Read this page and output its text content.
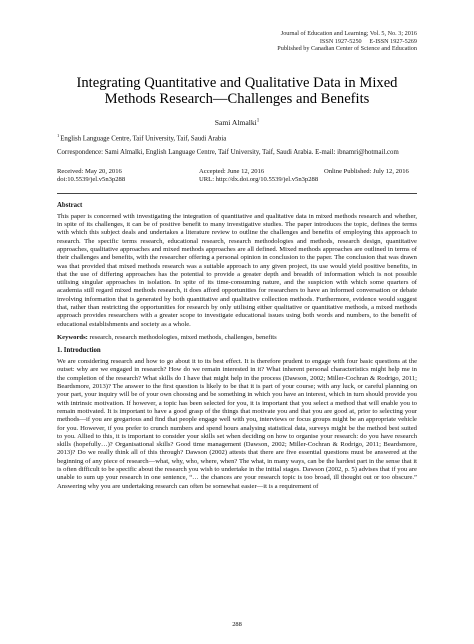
Journal of Education and Learning; Vol. 5, No. 3; 2016
ISSN 1927-5250     E-ISSN 1927-5269
Published by Canadian Center of Science and Education
Integrating Quantitative and Qualitative Data in Mixed Methods Research—Challenges and Benefits
Sami Almalki$^1$
$^1$English Language Centre, Taif University, Taif, Saudi Arabia
Correspondence: Sami Almalki, English Language Centre, Taif University, Taif, Saudi Arabia. E-mail: ibnamri@hotmail.com
Received: May 20, 2016	Accepted: June 12, 2016	Online Published: July 12, 2016
doi:10.5539/jel.v5n3p288	URL: http://dx.doi.org/10.5539/jel.v5n3p288
Abstract
This paper is concerned with investigating the integration of quantitative and qualitative data in mixed methods research and whether, in spite of its challenges, it can be of positive benefit to many investigative studies. The paper introduces the topic, defines the terms with which this subject deals and undertakes a literature review to outline the challenges and benefits of employing this approach to research. The specific terms research, educational research, research methodologies and methods, research design, quantitative approaches, qualitative approaches and mixed methods approaches are all defined. Mixed methods approaches are outlined in terms of their challenges and benefits, with the researcher offering a personal opinion in conclusion to the paper. The conclusion that was drawn was that provided that mixed methods research was a suitable approach to any given project, its use would yield positive benefits, in that the use of differing approaches has the potential to provide a greater depth and breadth of information which is not possible utilising singular approaches in isolation. In spite of its time-consuming nature, and the suspicion with which some quarters of academia still regard mixed methods research, it does afford opportunities for researchers to have an informed conversation or debate involving information that is generated by both quantitative and qualitative collection methods. Furthermore, evidence would suggest that, rather than restricting the opportunities for research by only utilising either qualitative or quantitative methods, a mixed methods approach provides researchers with a greater scope to investigate educational issues using both words and numbers, to the benefit of educational establishments and society as a whole.
Keywords: research, research methodologies, mixed methods, challenges, benefits
1. Introduction
We are considering research and how to go about it to its best effect. It is therefore prudent to engage with four basic questions at the outset: why are we engaged in research? How do we remain interested in it? What inherent personal characteristics might help me in the completion of the research? What skills do I have that might help in the process (Dawson, 2002; Miller-Cochran & Rodrigo, 2011; Beardsmore, 2013)? The answer to the first question is likely to be that it is part of your course; with any luck, or careful planning on your part, your inquiry will be of your own choosing and be something in which you have an interest, which in turn should provide you with intrinsic motivation. If however, a topic has been selected for you, it is important that you select a method that will enable you to remain motivated. It is important to have a good grasp of the things that motivate you and that you are good at, prior to selecting your methods—if you are gregarious and find that people engage well with you, interviews or focus groups might be an appropriate vehicle for you. However, if you prefer to crunch numbers and spend hours analysing statistical data, surveys might be the method best suited to you. Allied to this, it is important to consider your skills set when deciding on how to organise your research: do you have research skills (hopefully…)? Organisational skills? Good time management (Dawson, 2002; Miller-Cochran & Rodrigo, 2011; Beardsmore, 2013)? Do we really think all of this through? Dawson (2002) attests that there are five essential questions must be answered at the beginning of any piece of research—what, why, who, where, when? The what, in many ways, can be the hardest part in the sense that it is often difficult to be specific about the research you wish to undertake in the initial stages. Dawson (2002, p. 5) advises that if you are unable to sum up your research in one sentence, “… the chances are your research topic is too broad, ill thought out or too obscure.” Answering why you are undertaking research can often be somewhat easier—it is a requirement of
288
